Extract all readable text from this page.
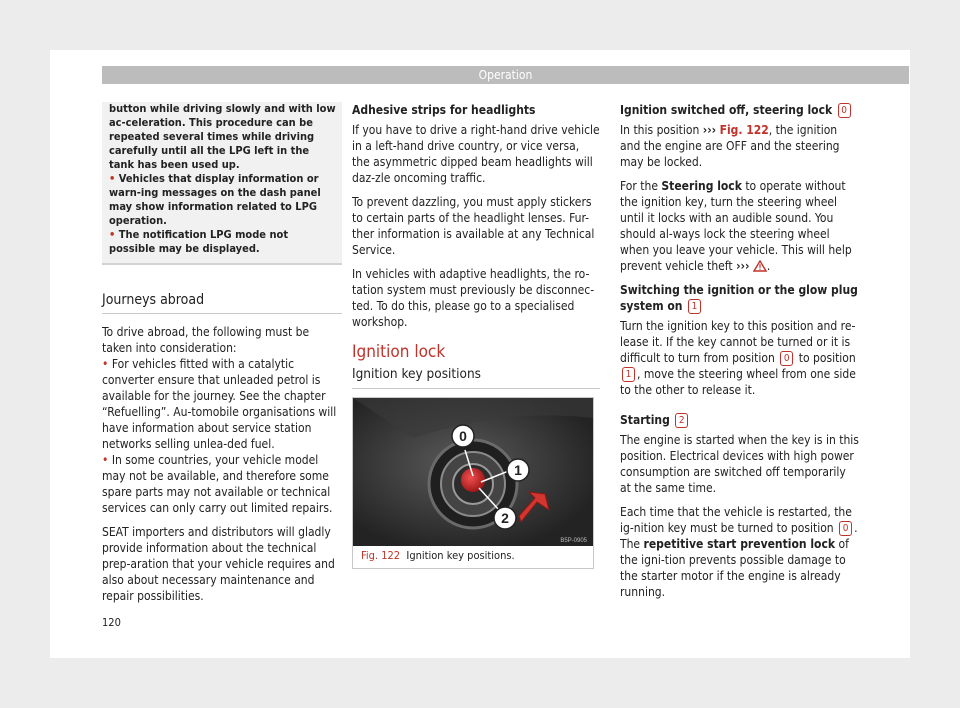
Operation

button while driving slowly and with low ac-celeration. This procedure can be repeated several times while driving carefully until all the LPG left in the tank has been used up.

• Vehicles that display information or warn-ing messages on the dash panel may show information related to LPG operation.

• The notification LPG mode not possible may be displayed.

Journeys abroad

To drive abroad, the following must be taken into consideration:

• For vehicles fitted with a catalytic converter ensure that unleaded petrol is available for the journey. See the chapter “Refuelling”. Au-tomobile organisations will have information about service station networks selling unlea-ded fuel.

• In some countries, your vehicle model may not be available, and therefore some spare parts may not available or technical services can only carry out limited repairs.

SEAT importers and distributors will gladly provide information about the technical prep-aration that your vehicle requires and also about necessary maintenance and repair possibilities.

Adhesive strips for headlights

If you have to drive a right-hand drive vehicle in a left-hand drive country, or vice versa, the asymmetric dipped beam headlights will daz-zle oncoming traffic.

To prevent dazzling, you must apply stickers to certain parts of the headlight lenses. Fur-ther information is available at any Technical Service.

In vehicles with adaptive headlights, the ro-tation system must previously be disconnec-ted. To do this, please go to a specialised workshop.

Ignition lock
Ignition key positions
0
1
2
B5P-0905
Fig. 122 Ignition key positions.

Ignition switched off, steering lock 0

In this position ››› Fig. 122, the ignition and the engine are OFF and the steering may be locked.

For the Steering lock to operate without the ignition key, turn the steering wheel until it locks with an audible sound. You should al-ways lock the steering wheel when you leave your vehicle. This will help prevent vehicle theft ››› .

Switching the ignition or the glow plug system on 1

Turn the ignition key to this position and re-lease it. If the key cannot be turned or it is difficult to turn from position 0 to position 1 , move the steering wheel from one side to the other to release it.

Starting 2

The engine is started when the key is in this position. Electrical devices with high power consumption are switched off temporarily at the same time.

Each time that the vehicle is restarted, the ig-nition key must be turned to position 0 . The repetitive start prevention lock of the igni-tion prevents possible damage to the starter motor if the engine is already running.

120
